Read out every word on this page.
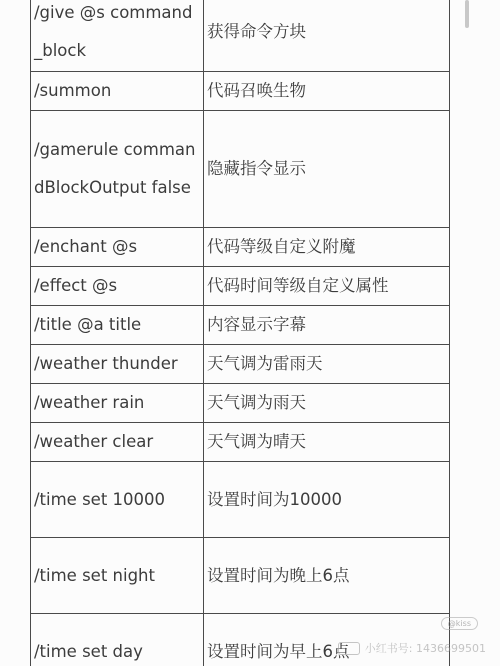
/give @s command_block	获得命令方块
/summon	代码召唤生物
/gamerule commandBlockOutput false	隐藏指令显示
/enchant @s	代码等级自定义附魔
/effect @s	代码时间等级自定义属性
/title @a title	内容显示字幕
/weather thunder	天气调为雷雨天
/weather rain	天气调为雨天
/weather clear	天气调为晴天
/time set 10000	设置时间为10000
/time set night	设置时间为晚上6点
/time set day	设置时间为早上6点
@kiss
小红书号: 1436699501
